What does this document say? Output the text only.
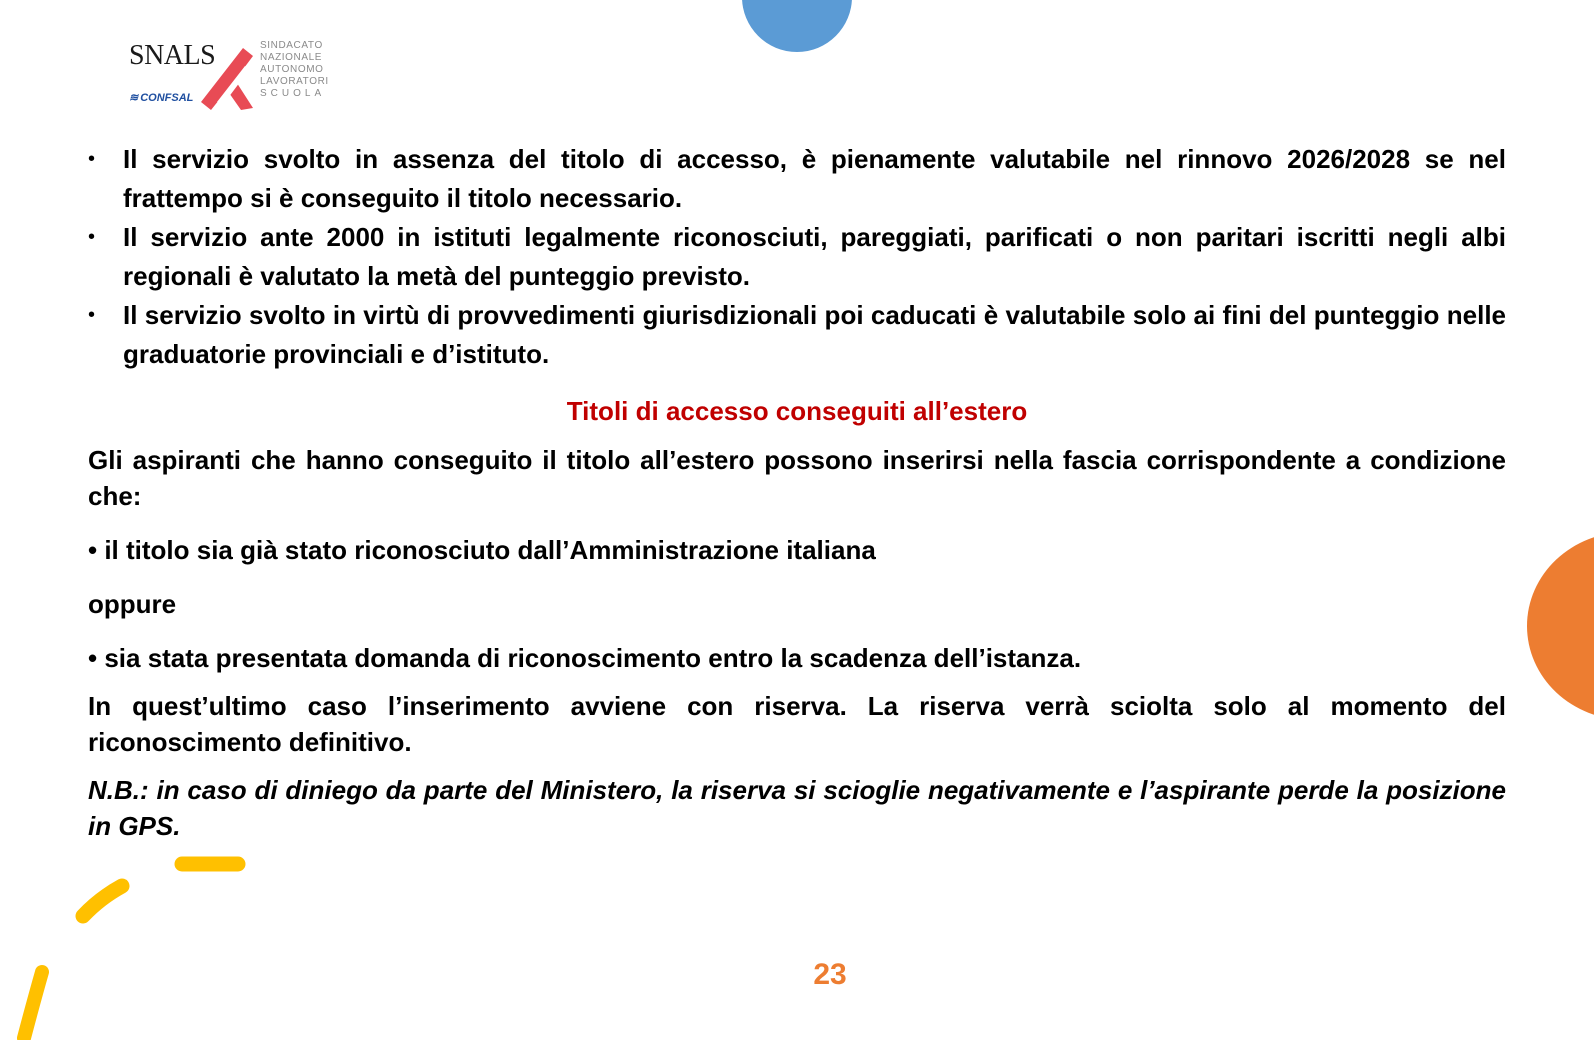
SNALS
≋ CONFSAL
SINDACATO
NAZIONALE
AUTONOMO
LAVORATORI
SCUOLA
• Il servizio svolto in assenza del titolo di accesso, è pienamente valutabile nel rinnovo 2026/2028 se nel frattempo si è conseguito il titolo necessario.
• Il servizio ante 2000 in istituti legalmente riconosciuti, pareggiati, parificati o non paritari iscritti negli albi regionali è valutato la metà del punteggio previsto.
• Il servizio svolto in virtù di provvedimenti giurisdizionali poi caducati è valutabile solo ai fini del punteggio nelle graduatorie provinciali e d’istituto.

Titoli di accesso conseguiti all’estero

Gli aspiranti che hanno conseguito il titolo all’estero possono inserirsi nella fascia corrispondente a condizione che:

• il titolo sia già stato riconosciuto dall’Amministrazione italiana

oppure

• sia stata presentata domanda di riconoscimento entro la scadenza dell’istanza.

In quest’ultimo caso l’inserimento avviene con riserva. La riserva verrà sciolta solo al momento del riconoscimento definitivo.

N.B.: in caso di diniego da parte del Ministero, la riserva si scioglie negativamente e l’aspirante perde la posizione in GPS.

23
